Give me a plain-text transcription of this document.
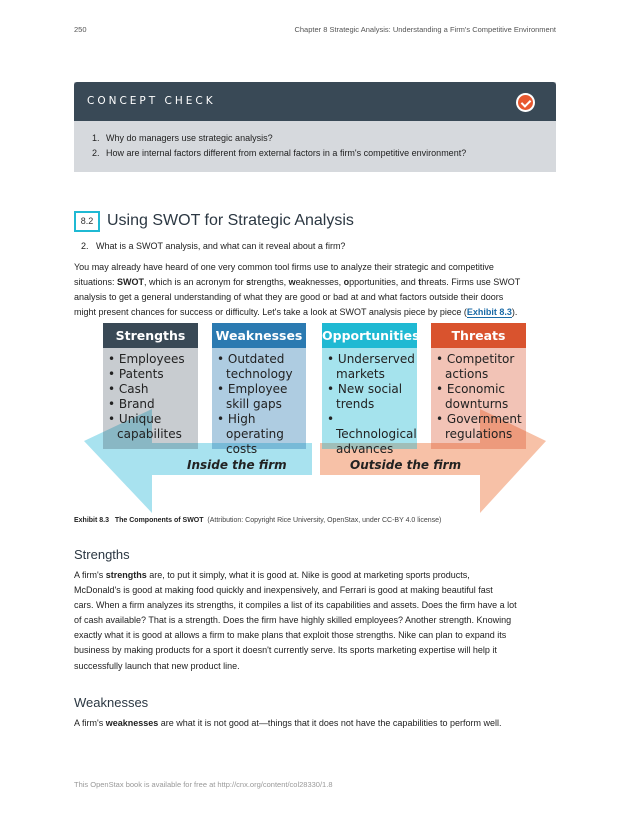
250	Chapter 8 Strategic Analysis: Understanding a Firm's Competitive Environment
CONCEPT CHECK
1. Why do managers use strategic analysis?
2. How are internal factors different from external factors in a firm's competitive environment?
8.2 Using SWOT for Strategic Analysis
2. What is a SWOT analysis, and what can it reveal about a firm?
You may already have heard of one very common tool firms use to analyze their strategic and competitive
situations: SWOT, which is an acronym for strengths, weaknesses, opportunities, and threats. Firms use SWOT
analysis to get a general understanding of what they are good or bad at and what factors outside their doors
might present chances for success or difficulty. Let's take a look at SWOT analysis piece by piece (Exhibit 8.3).
Strengths
• Employees
• Patents
• Cash
• Brand
• Unique capabilites
Weaknesses
• Outdated technology
• Employee skill gaps
• High operating costs
Opportunities
• Underserved markets
• New social trends
• Technological advances
Threats
• Competitor actions
• Economic downturns
• Government regulations
Inside the firm	Outside the firm
Exhibit 8.3 The Components of SWOT (Attribution: Copyright Rice University, OpenStax, under CC-BY 4.0 license)
Strengths
A firm's strengths are, to put it simply, what it is good at. Nike is good at marketing sports products,
McDonald's is good at making food quickly and inexpensively, and Ferrari is good at making beautiful fast
cars. When a firm analyzes its strengths, it compiles a list of its capabilities and assets. Does the firm have a lot
of cash available? That is a strength. Does the firm have highly skilled employees? Another strength. Knowing
exactly what it is good at allows a firm to make plans that exploit those strengths. Nike can plan to expand its
business by making products for a sport it doesn't currently serve. Its sports marketing expertise will help it
successfully launch that new product line.
Weaknesses
A firm's weaknesses are what it is not good at—things that it does not have the capabilities to perform well.
This OpenStax book is available for free at http://cnx.org/content/col28330/1.8
